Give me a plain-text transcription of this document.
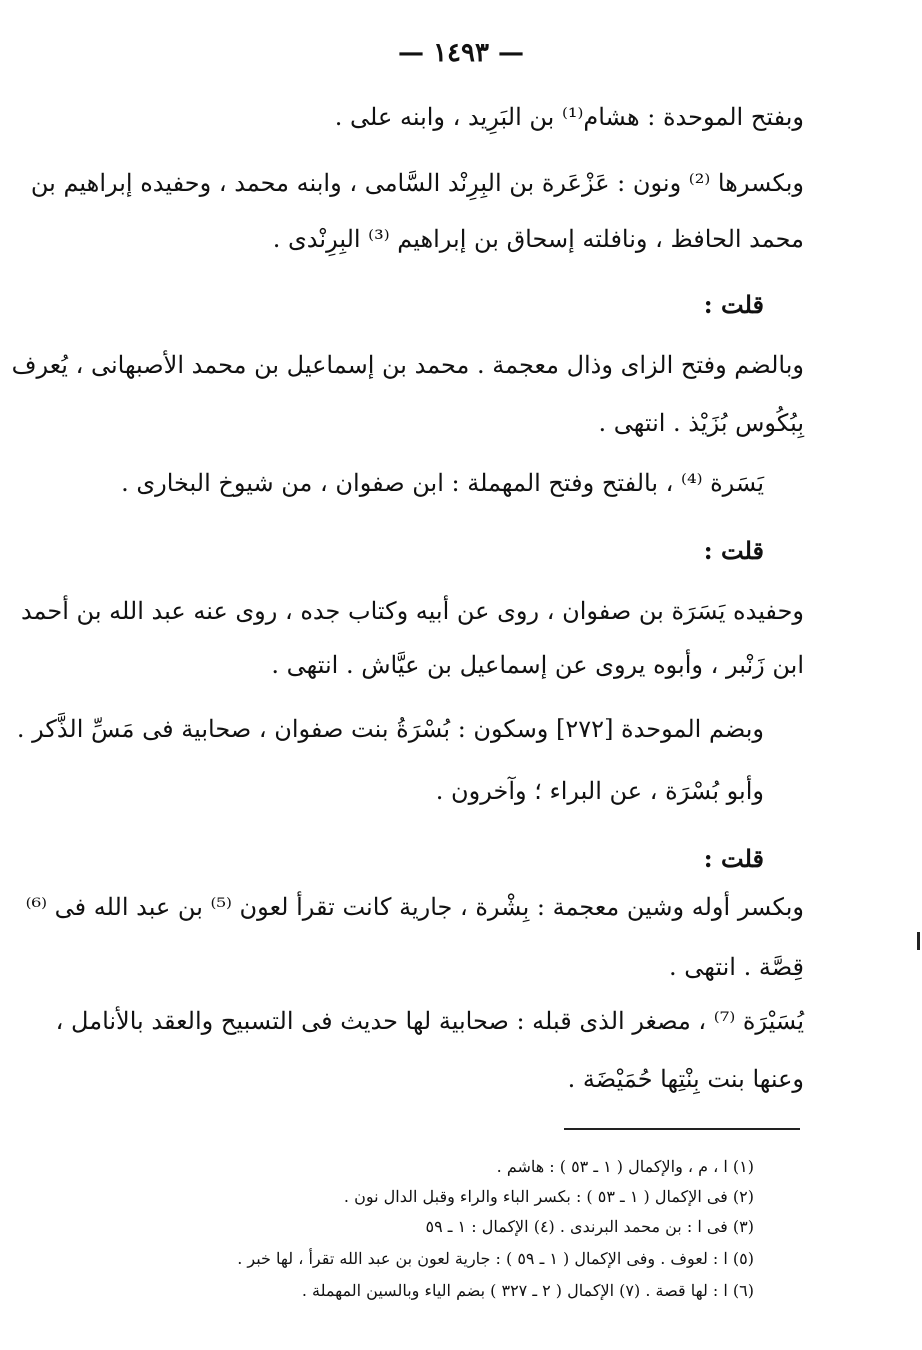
— ١٤٩٣ —
وبفتح الموحدة : هشام⁽¹⁾ بن البَرِيد ، وابنه على .
وبكسرها ⁽²⁾ ونون : عَزْعَرة بن البِرِنْد السَّامى ، وابنه محمد ، وحفيده إبراهيم بن
محمد الحافظ ، ونافلته إسحاق بن إبراهيم ⁽³⁾ البِرِنْدى .
قلت :
وبالضم وفتح الزاى وذال معجمة . محمد بن إسماعيل بن محمد الأصبهانى ، يُعرف
بِبُكُوس بُزَيْذ . انتهى .
يَسَرة ⁽⁴⁾ ، بالفتح وفتح المهملة : ابن صفوان ، من شيوخ البخارى .
قلت :
وحفيده يَسَرَة بن صفوان ، روى عن أبيه وكتاب جده ، روى عنه عبد الله بن أحمد
ابن زَنْبر ، وأبوه يروى عن إسماعيل بن عيَّاش . انتهى .
وبضم الموحدة [٢٧٢] وسكون : بُسْرَةُ بنت صفوان ، صحابية فى مَسِّ الذَّكر .
وأبو بُسْرَة ، عن البراء ؛ وآخرون .
قلت :
وبكسر أوله وشين معجمة : بِشْرة ، جارية كانت تقرأ لعون ⁽⁵⁾ بن عبد الله فى ⁽⁶⁾
قِصَّة . انتهى .
يُسَيْرَة ⁽⁷⁾ ، مصغر الذى قبله : صحابية لها حديث فى التسبيح والعقد بالأنامل ،
وعنها بنت بِنْتِها حُمَيْضَة .
(١) ا ، م ، والإكمال ( ١ ـ ٥٣ ) : هاشم .
(٢) فى الإكمال ( ١ ـ ٥٣ ) : بكسر الباء والراء وقبل الدال نون .
(٣) فى ا : بن محمد البرندى . (٤) الإكمال : ١ ـ ٥٩
(٥) ا : لعوف . وفى الإكمال ( ١ ـ ٥٩ ) : جارية لعون بن عبد الله تقرأ ، لها خبر .
(٦) ا : لها قصة . (٧) الإكمال ( ٢ ـ ٣٢٧ ) بضم الياء وبالسين المهملة .
